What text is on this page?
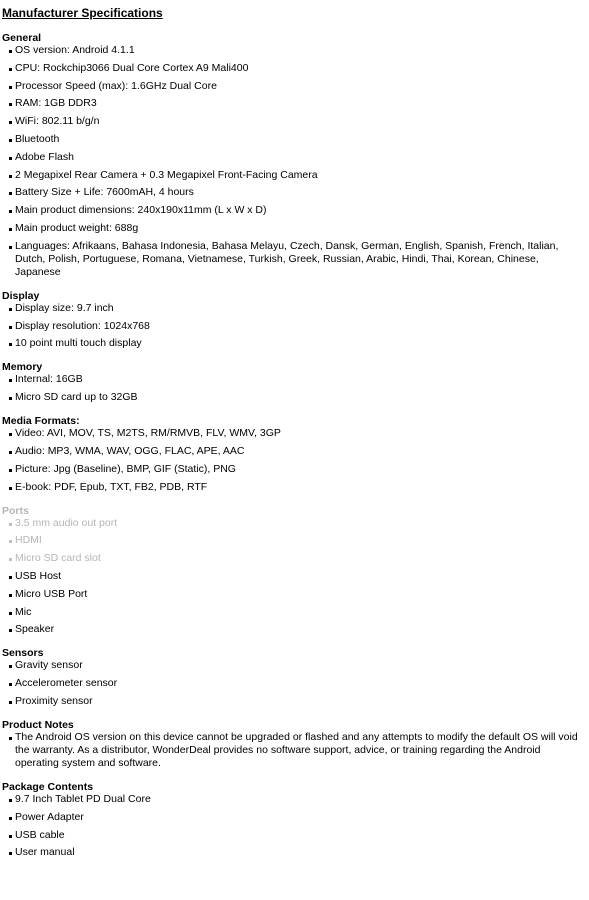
Manufacturer Specifications
General
OS version: Android 4.1.1
CPU: Rockchip3066 Dual Core Cortex A9 Mali400
Processor Speed (max): 1.6GHz Dual Core
RAM: 1GB DDR3
WiFi: 802.11 b/g/n
Bluetooth
Adobe Flash
2 Megapixel Rear Camera + 0.3 Megapixel Front-Facing Camera
Battery Size + Life: 7600mAH, 4 hours
Main product dimensions: 240x190x11mm (L x W x D)
Main product weight: 688g
Languages: Afrikaans, Bahasa Indonesia, Bahasa Melayu, Czech, Dansk, German, English, Spanish, French, Italian, Dutch, Polish, Portuguese, Romana, Vietnamese, Turkish, Greek, Russian, Arabic, Hindi, Thai, Korean, Chinese, Japanese
Display
Display size: 9.7 inch
Display resolution: 1024x768
10 point multi touch display
Memory
Internal: 16GB
Micro SD card up to 32GB
Media Formats:
Video: AVI, MOV, TS, M2TS, RM/RMVB, FLV, WMV, 3GP
Audio: MP3, WMA, WAV, OGG, FLAC, APE, AAC
Picture: Jpg (Baseline), BMP, GIF (Static), PNG
E-book: PDF, Epub, TXT, FB2, PDB, RTF
Ports
3.5 mm audio out port
HDMI
Micro SD card slot
USB Host
Micro USB Port
Mic
Speaker
Sensors
Gravity sensor
Accelerometer sensor
Proximity sensor
Product Notes
The Android OS version on this device cannot be upgraded or flashed and any attempts to modify the default OS will void the warranty. As a distributor, WonderDeal provides no software support, advice, or training regarding the Android operating system and software.
Package Contents
9.7 Inch Tablet PD Dual Core
Power Adapter
USB cable
User manual
